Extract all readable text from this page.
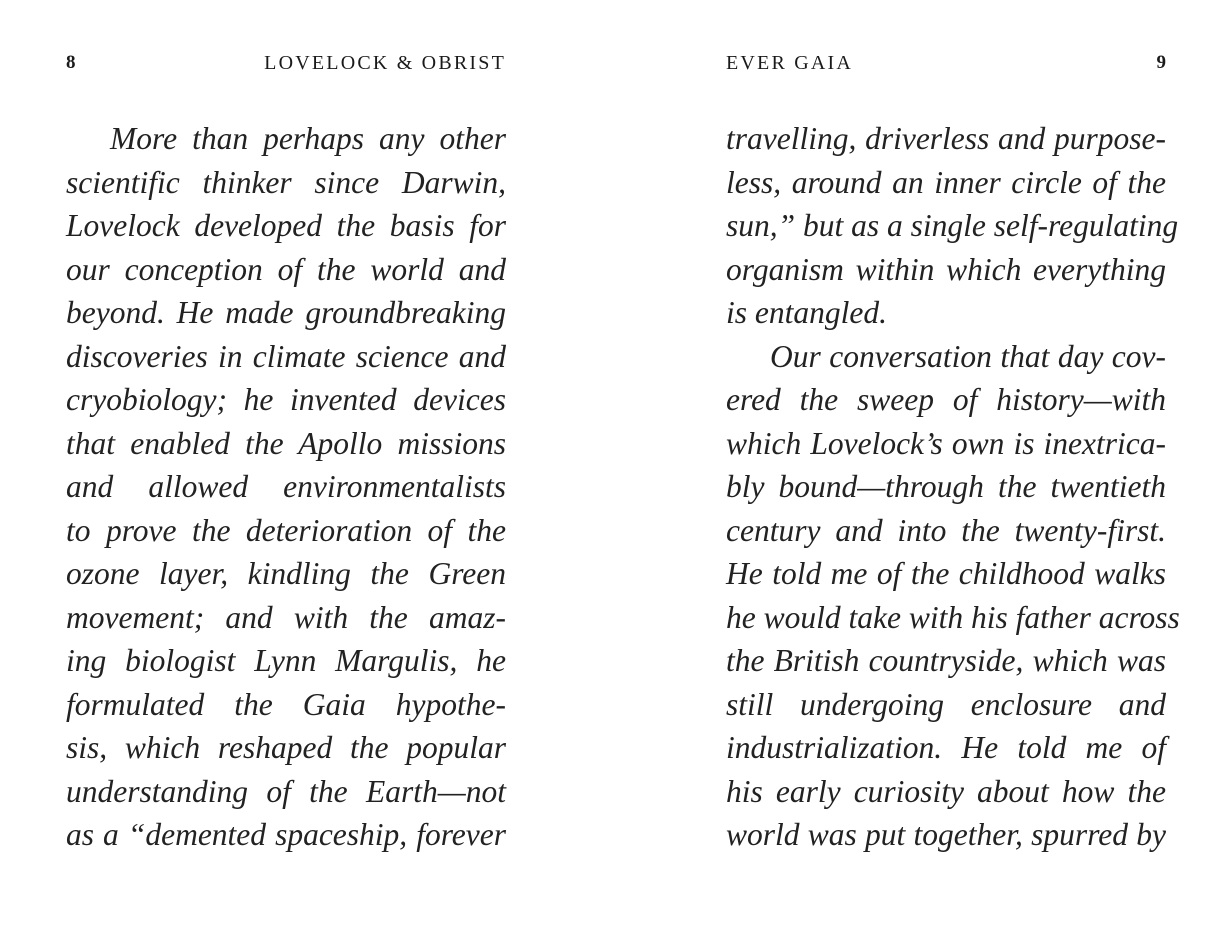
8	LOVELOCK & OBRIST
More than perhaps any other
scientific thinker since Darwin,
Lovelock developed the basis for
our conception of the world and
beyond. He made groundbreaking
discoveries in climate science and
cryobiology; he invented devices
that enabled the Apollo missions
and allowed environmentalists
to prove the deterioration of the
ozone layer, kindling the Green
movement; and with the amaz-
ing biologist Lynn Margulis, he
formulated the Gaia hypothe-
sis, which reshaped the popular
understanding of the Earth—not
as a “demented spaceship, forever
EVER GAIA	9
travelling, driverless and purpose-
less, around an inner circle of the
sun,” but as a single self-regulating
organism within which everything
is entangled.
Our conversation that day cov-
ered the sweep of history—with
which Lovelock’s own is inextrica-
bly bound—through the twentieth
century and into the twenty-first.
He told me of the childhood walks
he would take with his father across
the British countryside, which was
still undergoing enclosure and
industrialization. He told me of
his early curiosity about how the
world was put together, spurred by
